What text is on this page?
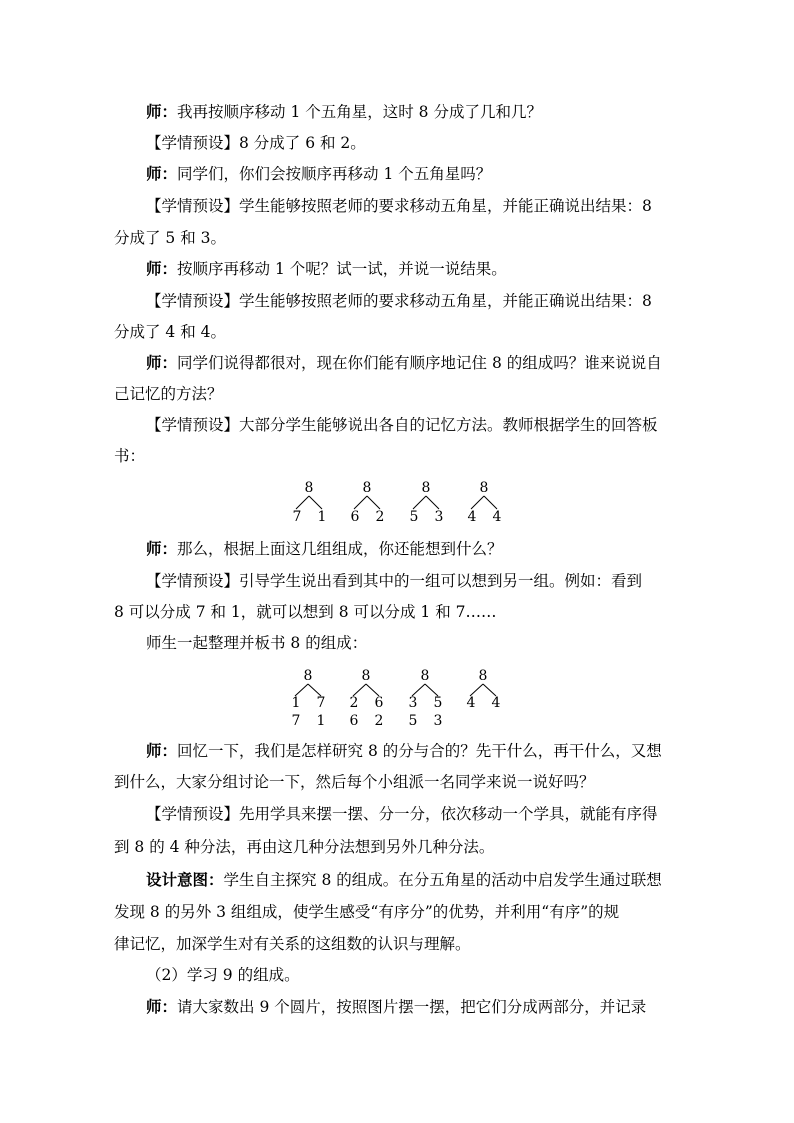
师：我再按顺序移动 1 个五角星，这时 8 分成了几和几？
【学情预设】8 分成了 6 和 2。
师：同学们，你们会按顺序再移动 1 个五角星吗？
【学情预设】学生能够按照老师的要求移动五角星，并能正确说出结果：8
分成了 5 和 3。
师：按顺序再移动 1 个呢？试一试，并说一说结果。
【学情预设】学生能够按照老师的要求移动五角星，并能正确说出结果：8
分成了 4 和 4。
师：同学们说得都很对，现在你们能有顺序地记住 8 的组成吗？谁来说说自
己记忆的方法？
【学情预设】大部分学生能够说出各自的记忆方法。教师根据学生的回答板
书：
8
7 1
8
6 2
8
5 3
8
4 4
师：那么，根据上面这几组组成，你还能想到什么？
【学情预设】引导学生说出看到其中的一组可以想到另一组。例如：看到
8 可以分成 7 和 1，就可以想到 8 可以分成 1 和 7……
师生一起整理并板书 8 的组成：
8
1 7
7 1
8
2 6
6 2
8
3 5
5 3
8
4 4
师：回忆一下，我们是怎样研究 8 的分与合的？先干什么，再干什么，又想
到什么，大家分组讨论一下，然后每个小组派一名同学来说一说好吗？
【学情预设】先用学具来摆一摆、分一分，依次移动一个学具，就能有序得
到 8 的 4 种分法，再由这几种分法想到另外几种分法。
设计意图：学生自主探究 8 的组成。在分五角星的活动中启发学生通过联想
发现 8 的另外 3 组组成，使学生感受“有序分”的优势，并利用“有序”的规
律记忆，加深学生对有关系的这组数的认识与理解。
（2）学习 9 的组成。
师：请大家数出 9 个圆片，按照图片摆一摆，把它们分成两部分，并记录
